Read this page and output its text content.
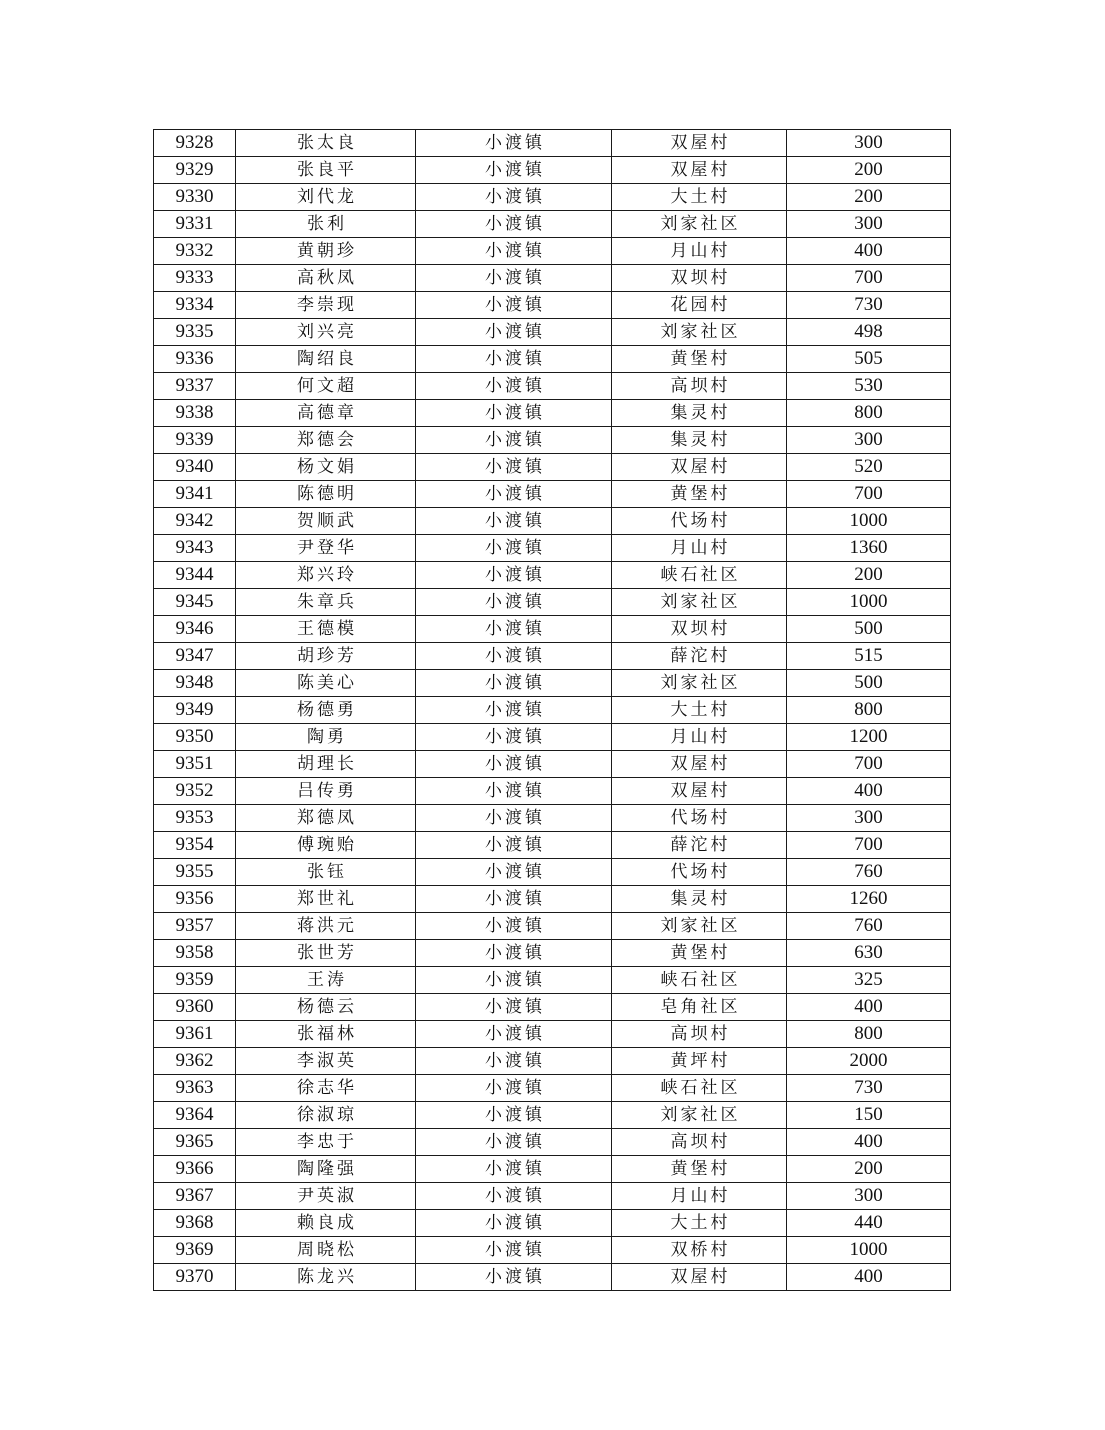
9328	张太良	小渡镇	双屋村	300
9329	张良平	小渡镇	双屋村	200
9330	刘代龙	小渡镇	大土村	200
9331	张利	小渡镇	刘家社区	300
9332	黄朝珍	小渡镇	月山村	400
9333	高秋凤	小渡镇	双坝村	700
9334	李崇现	小渡镇	花园村	730
9335	刘兴亮	小渡镇	刘家社区	498
9336	陶绍良	小渡镇	黄堡村	505
9337	何文超	小渡镇	高坝村	530
9338	高德章	小渡镇	集灵村	800
9339	郑德会	小渡镇	集灵村	300
9340	杨文娟	小渡镇	双屋村	520
9341	陈德明	小渡镇	黄堡村	700
9342	贺顺武	小渡镇	代场村	1000
9343	尹登华	小渡镇	月山村	1360
9344	郑兴玲	小渡镇	峡石社区	200
9345	朱章兵	小渡镇	刘家社区	1000
9346	王德模	小渡镇	双坝村	500
9347	胡珍芳	小渡镇	薛沱村	515
9348	陈美心	小渡镇	刘家社区	500
9349	杨德勇	小渡镇	大土村	800
9350	陶勇	小渡镇	月山村	1200
9351	胡理长	小渡镇	双屋村	700
9352	吕传勇	小渡镇	双屋村	400
9353	郑德凤	小渡镇	代场村	300
9354	傅琬贻	小渡镇	薛沱村	700
9355	张钰	小渡镇	代场村	760
9356	郑世礼	小渡镇	集灵村	1260
9357	蒋洪元	小渡镇	刘家社区	760
9358	张世芳	小渡镇	黄堡村	630
9359	王涛	小渡镇	峡石社区	325
9360	杨德云	小渡镇	皂角社区	400
9361	张福林	小渡镇	高坝村	800
9362	李淑英	小渡镇	黄坪村	2000
9363	徐志华	小渡镇	峡石社区	730
9364	徐淑琼	小渡镇	刘家社区	150
9365	李忠于	小渡镇	高坝村	400
9366	陶隆强	小渡镇	黄堡村	200
9367	尹英淑	小渡镇	月山村	300
9368	赖良成	小渡镇	大土村	440
9369	周晓松	小渡镇	双桥村	1000
9370	陈龙兴	小渡镇	双屋村	400
